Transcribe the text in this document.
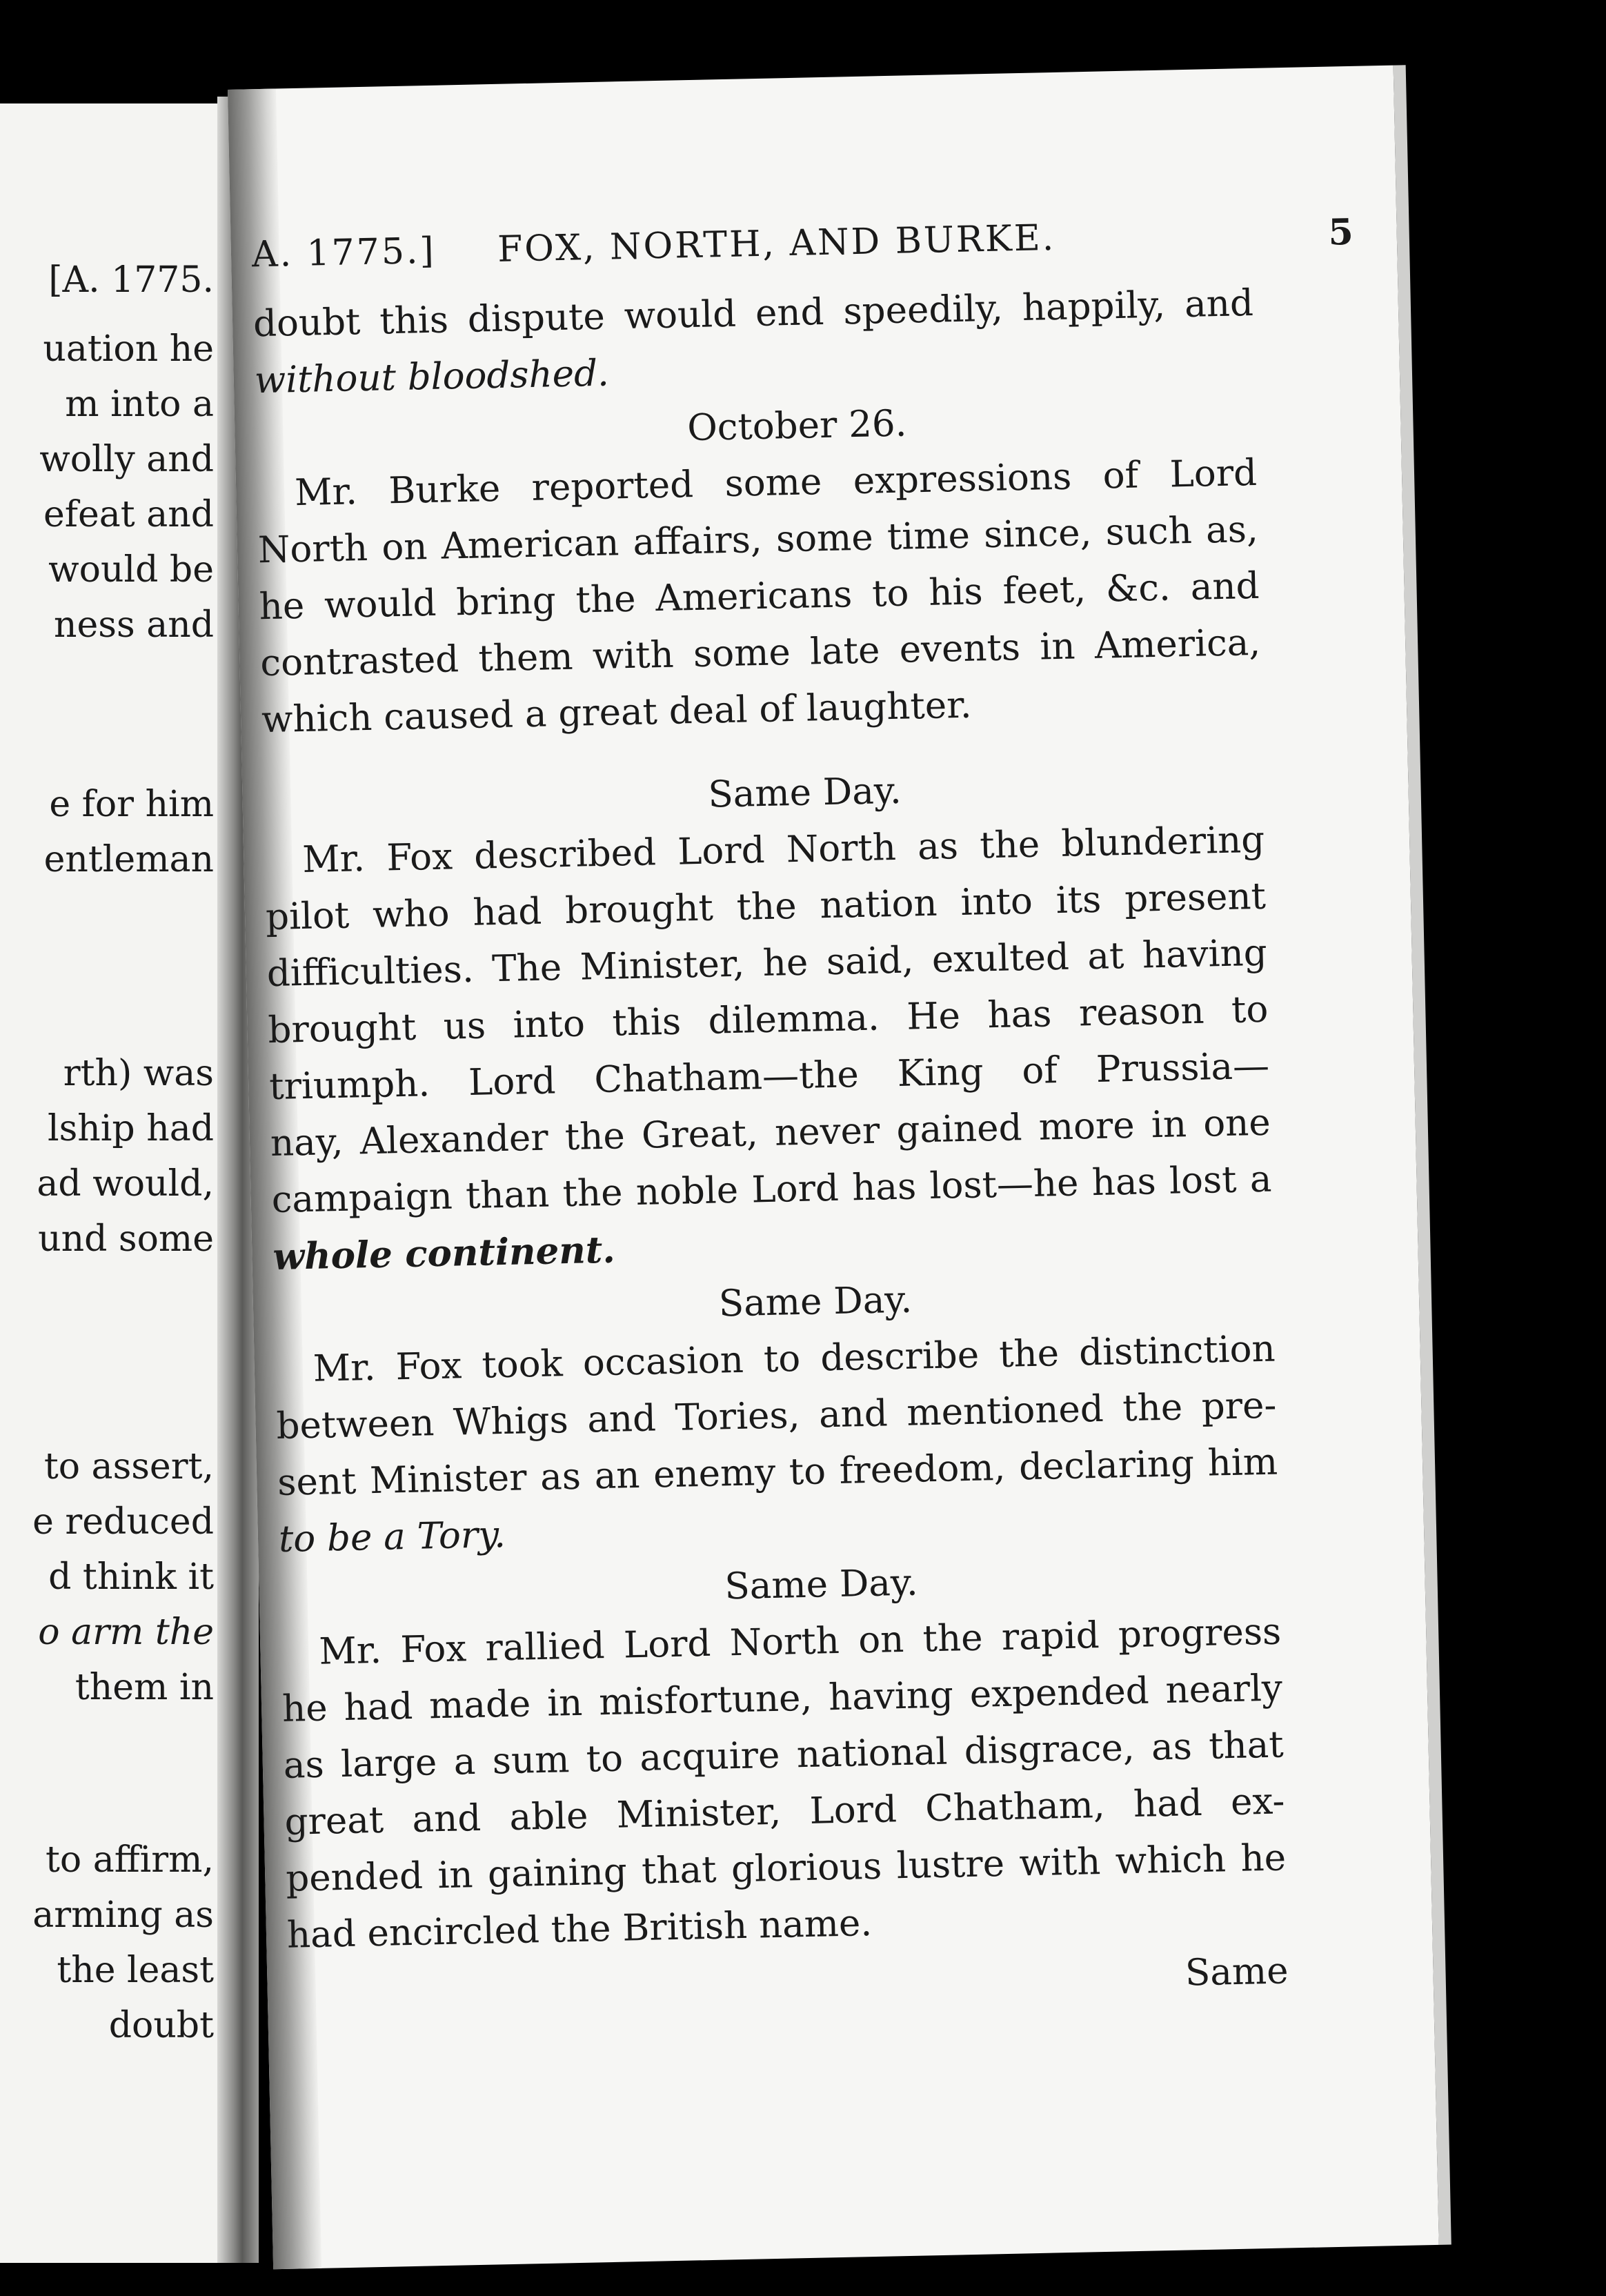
[A. 1775.
uation he
m into a
wolly and
efeat and
would be
ness and
e for him
entleman
rth) was
lship had
ad would,
und some
to assert,
e reduced
d think it
o arm the
them in
to affirm,
arming as
the least
doubt
A. 1775.] FOX, NORTH, AND BURKE.	5
doubt this dispute would end speedily, happily, and
without bloodshed.
October 26.
Mr. Burke reported some expressions of Lord
North on American affairs, some time since, such as,
he would bring the Americans to his feet, &c. and
contrasted them with some late events in America,
which caused a great deal of laughter.
Same Day.
Mr. Fox described Lord North as the blundering
pilot who had brought the nation into its present
difficulties. The Minister, he said, exulted at having
brought us into this dilemma. He has reason to
triumph. Lord Chatham—the King of Prussia—
nay, Alexander the Great, never gained more in one
campaign than the noble Lord has lost—he has lost a
whole continent.
Same Day.
Mr. Fox took occasion to describe the distinction
between Whigs and Tories, and mentioned the pre-
sent Minister as an enemy to freedom, declaring him
to be a Tory.
Same Day.
Mr. Fox rallied Lord North on the rapid progress
he had made in misfortune, having expended nearly
as large a sum to acquire national disgrace, as that
great and able Minister, Lord Chatham, had ex-
pended in gaining that glorious lustre with which he
had encircled the British name.
Same
